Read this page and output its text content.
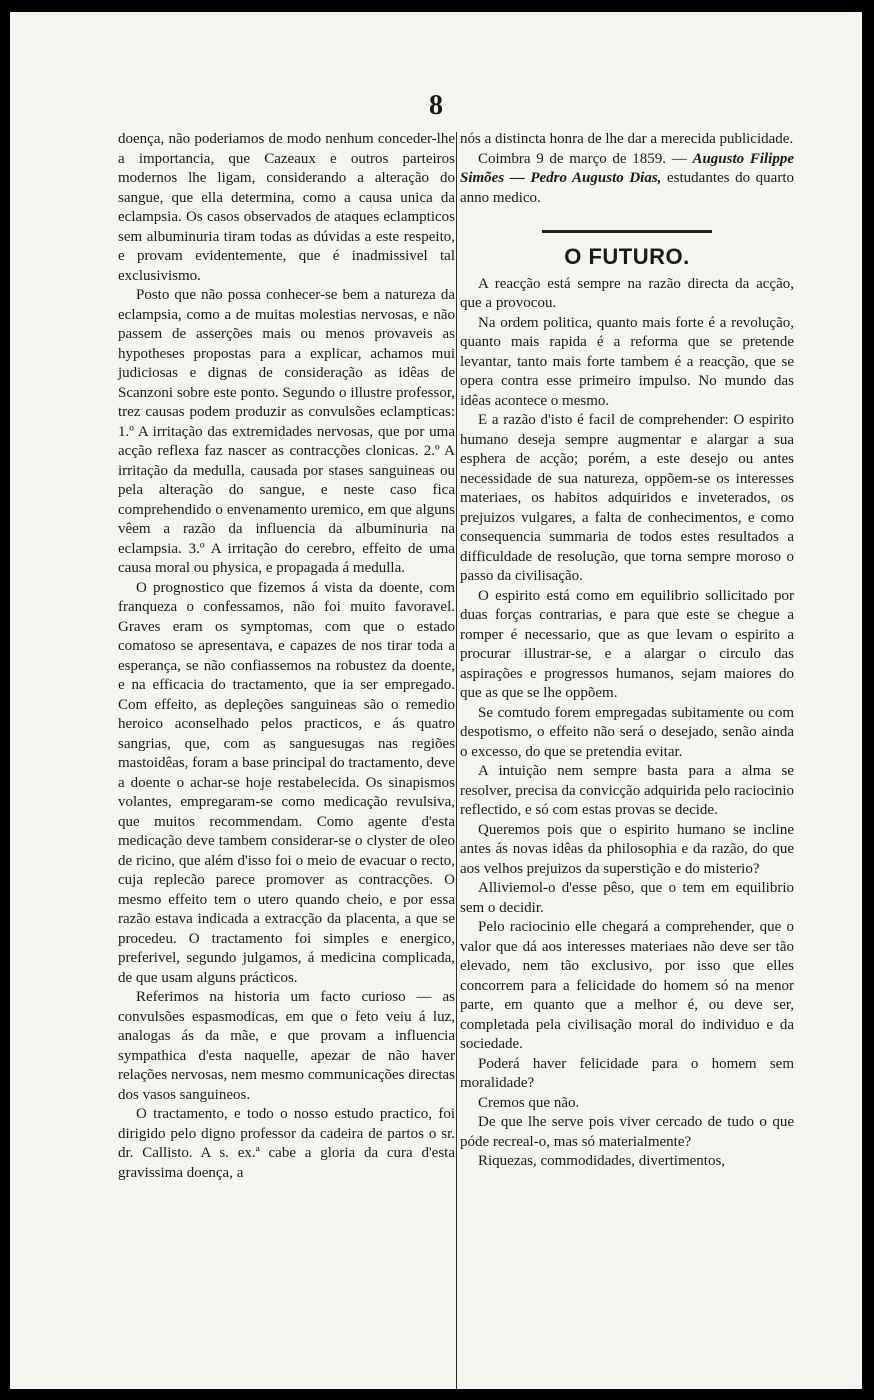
8

doença, não poderiamos de modo nenhum conceder-lhe a importancia, que Cazeaux e outros parteiros modernos lhe ligam, considerando a alteração do sangue, que ella determina, como a causa unica da eclampsia. Os casos observados de ataques eclampticos sem albuminuria tiram todas as dúvidas a este respeito, e provam evidentemente, que é inadmissivel tal exclusivismo.

Posto que não possa conhecer-se bem a natureza da eclampsia, como a de muitas molestias nervosas, e não passem de asserções mais ou menos provaveis as hypotheses propostas para a explicar, achamos mui judiciosas e dignas de consideração as idêas de Scanzoni sobre este ponto. Segundo o illustre professor, trez causas podem produzir as convulsões eclampticas: 1.º A irritação das extremidades nervosas, que por uma acção reflexa faz nascer as contracções clonicas. 2.º A irritação da medulla, causada por stases sanguineas ou pela alteração do sangue, e neste caso fica comprehendido o envenamento uremico, em que alguns vêem a razão da influencia da albuminuria na eclampsia. 3.º A irritação do cerebro, effeito de uma causa moral ou physica, e propagada á medulla.

O prognostico que fizemos á vista da doente, com franqueza o confessamos, não foi muito favoravel. Graves eram os symptomas, com que o estado comatoso se apresentava, e capazes de nos tirar toda a esperança, se não confiassemos na robustez da doente, e na efficacia do tractamento, que ia ser empregado. Com effeito, as depleções sanguineas são o remedio heroico aconselhado pelos practicos, e ás quatro sangrias, que, com as sanguesugas nas regiões mastoidêas, foram a base principal do tractamento, deve a doente o achar-se hoje restabelecida. Os sinapismos volantes, empregaram-se como medicação revulsiva, que muitos recommendam. Como agente d'esta medicação deve tambem considerar-se o clyster de oleo de ricino, que além d'isso foi o meio de evacuar o recto, cuja replecão parece promover as contracções. O mesmo effeito tem o utero quando cheio, e por essa razão estava indicada a extracção da placenta, a que se procedeu. O tractamento foi simples e energico, preferivel, segundo julgamos, á medicina complicada, de que usam alguns prácticos.

Referimos na historia um facto curioso — as convulsões espasmodicas, em que o feto veiu á luz, analogas ás da mãe, e que provam a influencia sympathica d'esta naquelle, apezar de não haver relações nervosas, nem mesmo communicações directas dos vasos sanguineos.

O tractamento, e todo o nosso estudo practico, foi dirigido pelo digno professor da cadeira de partos o sr. dr. Callisto. A s. ex.ª cabe a gloria da cura d'esta gravissima doença, a

nós a distincta honra de lhe dar a merecida publicidade.

Coimbra 9 de março de 1859. — Augusto Filippe Simões — Pedro Augusto Dias, estudantes do quarto anno medico.

O FUTURO.

A reacção está sempre na razão directa da acção, que a provocou.

Na ordem politica, quanto mais forte é a revolução, quanto mais rapida é a reforma que se pretende levantar, tanto mais forte tambem é a reacção, que se opera contra esse primeiro impulso. No mundo das idêas acontece o mesmo.

E a razão d'isto é facil de comprehender: O espirito humano deseja sempre augmentar e alargar a sua esphera de acção; porém, a este desejo ou antes necessidade de sua natureza, oppõem-se os interesses materiaes, os habitos adquiridos e inveterados, os prejuizos vulgares, a falta de conhecimentos, e como consequencia summaria de todos estes resultados a difficuldade de resolução, que torna sempre moroso o passo da civilisação.

O espirito está como em equilibrio sollicitado por duas forças contrarias, e para que este se chegue a romper é necessario, que as que levam o espirito a procurar illustrar-se, e a alargar o circulo das aspirações e progressos humanos, sejam maiores do que as que se lhe oppõem.

Se comtudo forem empregadas subitamente ou com despotismo, o effeito não será o desejado, senão ainda o excesso, do que se pretendia evitar.

A intuição nem sempre basta para a alma se resolver, precisa da convicção adquirida pelo raciocinio reflectido, e só com estas provas se decide.

Queremos pois que o espirito humano se incline antes ás novas idêas da philosophia e da razão, do que aos velhos prejuizos da superstição e do misterio?

Alliviemol-o d'esse pêso, que o tem em equilibrio sem o decidir.

Pelo raciocinio elle chegará a comprehender, que o valor que dá aos interesses materiaes não deve ser tão elevado, nem tão exclusivo, por isso que elles concorrem para a felicidade do homem só na menor parte, em quanto que a melhor é, ou deve ser, completada pela civilisação moral do individuo e da sociedade.

Poderá haver felicidade para o homem sem moralidade?

Cremos que não.

De que lhe serve pois viver cercado de tudo o que póde recreal-o, mas só materialmente?

Riquezas, commodidades, divertimentos,
